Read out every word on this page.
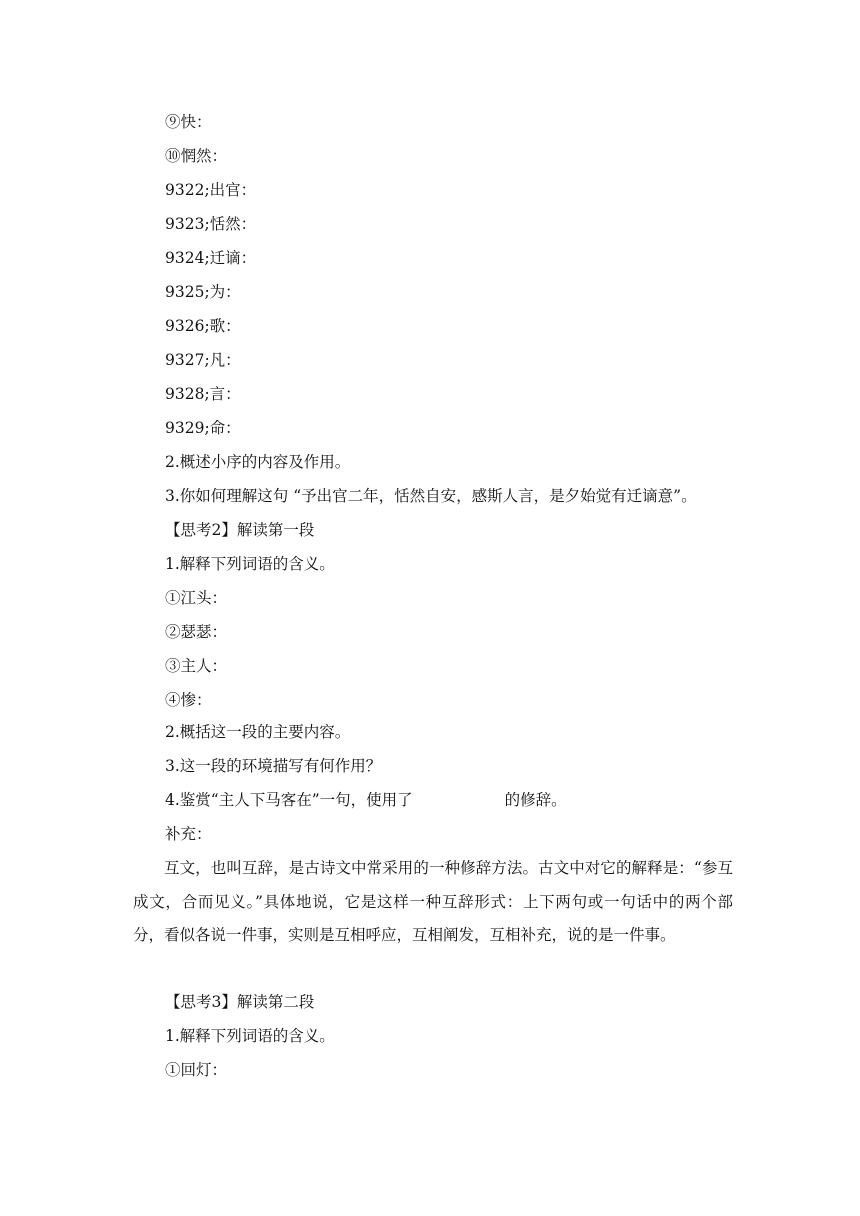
⑨快：
⑩惘然：
9322;出官：
9323;恬然：
9324;迁谪：
9325;为：
9326;歌：
9327;凡：
9328;言：
9329;命：
2.概述小序的内容及作用。
3.你如何理解这句 “予出官二年，恬然自安，感斯人言，是夕始觉有迁谪意”。
【思考2】解读第一段
1.解释下列词语的含义。
①江头：
②瑟瑟：
③主人：
④惨：
2.概括这一段的主要内容。
3.这一段的环境描写有何作用？
4.鉴赏“主人下马客在”一句，使用了	的修辞。
补充：
互文，也叫互辞，是古诗文中常采用的一种修辞方法。古文中对它的解释是：“参互成文，合而见义。”具体地说，它是这样一种互辞形式：上下两句或一句话中的两个部分，看似各说一件事，实则是互相呼应，互相阐发，互相补充，说的是一件事。
【思考3】解读第二段
1.解释下列词语的含义。
①回灯：
